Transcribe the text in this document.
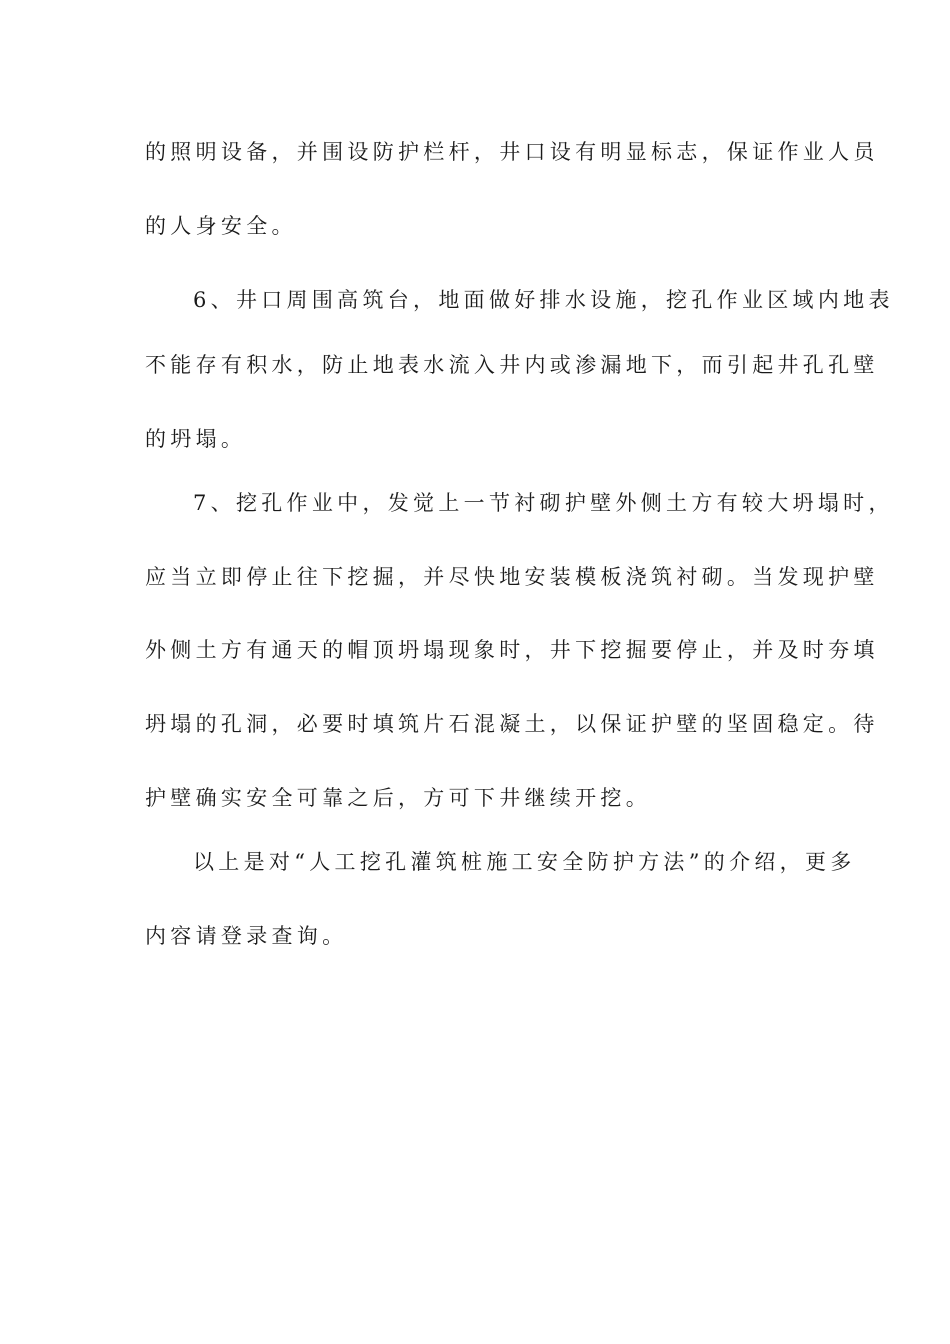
的照明设备，并围设防护栏杆，井口设有明显标志，保证作业人员
的人身安全。
6、井口周围高筑台，地面做好排水设施，挖孔作业区域内地表
不能存有积水，防止地表水流入井内或渗漏地下，而引起井孔孔壁
的坍塌。
7、挖孔作业中，发觉上一节衬砌护壁外侧土方有较大坍塌时，
应当立即停止往下挖掘，并尽快地安装模板浇筑衬砌。当发现护壁
外侧土方有通天的帽顶坍塌现象时，井下挖掘要停止，并及时夯填
坍塌的孔洞，必要时填筑片石混凝土，以保证护壁的坚固稳定。待
护壁确实安全可靠之后，方可下井继续开挖。
以上是对“人工挖孔灌筑桩施工安全防护方法”的介绍，更多
内容请登录查询。
